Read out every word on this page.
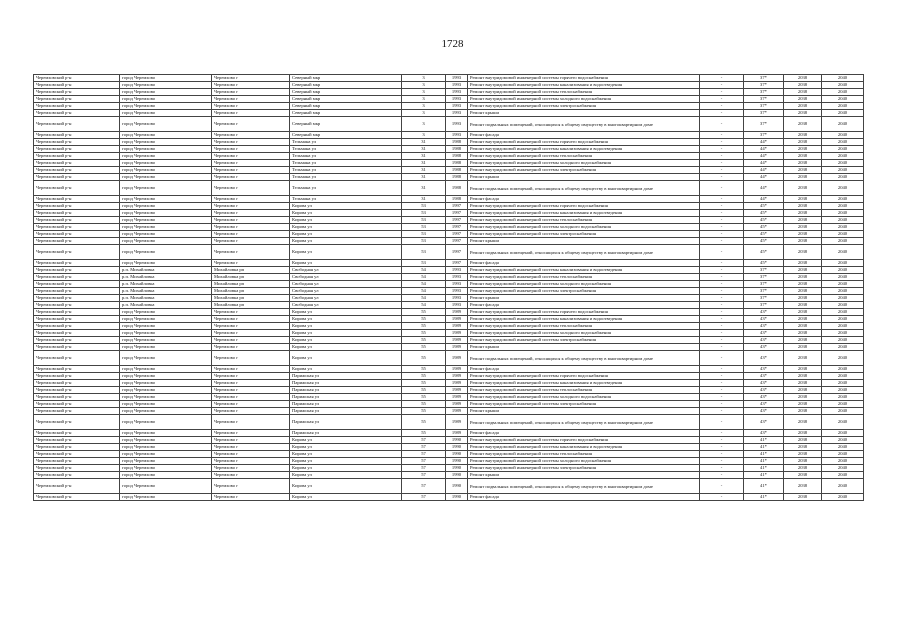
1728
Черемховский р-н	город Черемхово	Черемхово г	Северный мкр	3	1993	Ремонт внутридомовой инженерной системы горячего водоснабжения	-	37*	2038	2040
Черемховский р-н	город Черемхово	Черемхово г	Северный мкр	3	1993	Ремонт внутридомовой инженерной системы канализования и водоотведения	-	37*	2038	2040
Черемховский р-н	город Черемхово	Черемхово г	Северный мкр	3	1993	Ремонт внутридомовой инженерной системы теплоснабжения	-	37*	2038	2040
Черемховский р-н	город Черемхово	Черемхово г	Северный мкр	3	1993	Ремонт внутридомовой инженерной системы холодного водоснабжения	-	37*	2038	2040
Черемховский р-н	город Черемхово	Черемхово г	Северный мкр	3	1993	Ремонт внутридомовой инженерной системы электроснабжения	-	37*	2038	2040
Черемховский р-н	город Черемхово	Черемхово г	Северный мкр	3	1993	Ремонт крыши	-	37*	2038	2040
Черемховский р-н	город Черемхово	Черемхово г	Северный мкр	3	1993	Ремонт подвальных помещений, относящихся к общему имуществу в многоквартирном доме	-	37*	2038	2040
Черемховский р-н	город Черемхово	Черемхово г	Северный мкр	3	1993	Ремонт фасада	-	37*	2038	2040
Черемховский р-н	город Черемхово	Черемхово г	Тельмана ул	31	1988	Ремонт внутридомовой инженерной системы горячего водоснабжения	-	44*	2038	2040
Черемховский р-н	город Черемхово	Черемхово г	Тельмана ул	31	1988	Ремонт внутридомовой инженерной системы канализования и водоотведения	-	44*	2038	2040
Черемховский р-н	город Черемхово	Черемхово г	Тельмана ул	31	1988	Ремонт внутридомовой инженерной системы теплоснабжения	-	44*	2038	2040
Черемховский р-н	город Черемхово	Черемхово г	Тельмана ул	31	1988	Ремонт внутридомовой инженерной системы холодного водоснабжения	-	44*	2038	2040
Черемховский р-н	город Черемхово	Черемхово г	Тельмана ул	31	1988	Ремонт внутридомовой инженерной системы электроснабжения	-	44*	2038	2040
Черемховский р-н	город Черемхово	Черемхово г	Тельмана ул	31	1988	Ремонт крыши	-	44*	2038	2040
Черемховский р-н	город Черемхово	Черемхово г	Тельмана ул	31	1988	Ремонт подвальных помещений, относящихся к общему имуществу в многоквартирном доме	-	44*	2038	2040
Черемховский р-н	город Черемхово	Черемхово г	Тельмана ул	31	1988	Ремонт фасада	-	44*	2038	2040
Черемховский р-н	город Черемхово	Черемхово г	Кирова ул	53	1997	Ремонт внутридомовой инженерной системы горячего водоснабжения	-	45*	2038	2040
Черемховский р-н	город Черемхово	Черемхово г	Кирова ул	53	1997	Ремонт внутридомовой инженерной системы канализования и водоотведения	-	45*	2038	2040
Черемховский р-н	город Черемхово	Черемхово г	Кирова ул	53	1997	Ремонт внутридомовой инженерной системы теплоснабжения	-	45*	2038	2040
Черемховский р-н	город Черемхово	Черемхово г	Кирова ул	53	1997	Ремонт внутридомовой инженерной системы холодного водоснабжения	-	45*	2038	2040
Черемховский р-н	город Черемхово	Черемхово г	Кирова ул	53	1997	Ремонт внутридомовой инженерной системы электроснабжения	-	45*	2038	2040
Черемховский р-н	город Черемхово	Черемхово г	Кирова ул	53	1997	Ремонт крыши	-	45*	2038	2040
Черемховский р-н	город Черемхово	Черемхово г	Кирова ул	53	1997	Ремонт подвальных помещений, относящихся к общему имуществу в многоквартирном доме	-	45*	2038	2040
Черемховский р-н	город Черемхово	Черемхово г	Кирова ул	53	1997	Ремонт фасада	-	45*	2038	2040
Черемховский р-н	р.п. Михайловка	Михайловка рп	Свободная ул	54	1993	Ремонт внутридомовой инженерной системы канализования и водоотведения	-	37*	2038	2040
Черемховский р-н	р.п. Михайловка	Михайловка рп	Свободная ул	54	1993	Ремонт внутридомовой инженерной системы теплоснабжения	-	37*	2038	2040
Черемховский р-н	р.п. Михайловка	Михайловка рп	Свободная ул	54	1993	Ремонт внутридомовой инженерной системы холодного водоснабжения	-	37*	2038	2040
Черемховский р-н	р.п. Михайловка	Михайловка рп	Свободная ул	54	1993	Ремонт внутридомовой инженерной системы электроснабжения	-	37*	2038	2040
Черемховский р-н	р.п. Михайловка	Михайловка рп	Свободная ул	54	1993	Ремонт крыши	-	37*	2038	2040
Черемховский р-н	р.п. Михайловка	Михайловка рп	Свободная ул	54	1993	Ремонт фасада	-	37*	2038	2040
Черемховский р-н	город Черемхово	Черемхово г	Кирова ул	55	1989	Ремонт внутридомовой инженерной системы горячего водоснабжения	-	43*	2038	2040
Черемховский р-н	город Черемхово	Черемхово г	Кирова ул	55	1989	Ремонт внутридомовой инженерной системы канализования и водоотведения	-	43*	2038	2040
Черемховский р-н	город Черемхово	Черемхово г	Кирова ул	55	1989	Ремонт внутридомовой инженерной системы теплоснабжения	-	43*	2038	2040
Черемховский р-н	город Черемхово	Черемхово г	Кирова ул	55	1989	Ремонт внутридомовой инженерной системы холодного водоснабжения	-	43*	2038	2040
Черемховский р-н	город Черемхово	Черемхово г	Кирова ул	55	1989	Ремонт внутридомовой инженерной системы электроснабжения	-	43*	2038	2040
Черемховский р-н	город Черемхово	Черемхово г	Кирова ул	55	1989	Ремонт крыши	-	43*	2038	2040
Черемховский р-н	город Черемхово	Черемхово г	Кирова ул	55	1989	Ремонт подвальных помещений, относящихся к общему имуществу в многоквартирном доме	-	43*	2038	2040
Черемховский р-н	город Черемхово	Черемхово г	Кирова ул	55	1989	Ремонт фасада	-	43*	2038	2040
Черемховский р-н	город Черемхово	Черемхово г	Парижская ул	55	1989	Ремонт внутридомовой инженерной системы горячего водоснабжения	-	43*	2038	2040
Черемховский р-н	город Черемхово	Черемхово г	Парижская ул	55	1989	Ремонт внутридомовой инженерной системы канализования и водоотведения	-	43*	2038	2040
Черемховский р-н	город Черемхово	Черемхово г	Парижская ул	55	1989	Ремонт внутридомовой инженерной системы теплоснабжения	-	43*	2038	2040
Черемховский р-н	город Черемхово	Черемхово г	Парижская ул	55	1989	Ремонт внутридомовой инженерной системы холодного водоснабжения	-	43*	2038	2040
Черемховский р-н	город Черемхово	Черемхово г	Парижская ул	55	1989	Ремонт внутридомовой инженерной системы электроснабжения	-	43*	2038	2040
Черемховский р-н	город Черемхово	Черемхово г	Парижская ул	55	1989	Ремонт крыши	-	43*	2038	2040
Черемховский р-н	город Черемхово	Черемхово г	Парижская ул	55	1989	Ремонт подвальных помещений, относящихся к общему имуществу в многоквартирном доме	-	43*	2038	2040
Черемховский р-н	город Черемхово	Черемхово г	Парижская ул	55	1989	Ремонт фасада	-	43*	2038	2040
Черемховский р-н	город Черемхово	Черемхово г	Кирова ул	57	1990	Ремонт внутридомовой инженерной системы горячего водоснабжения	-	41*	2038	2040
Черемховский р-н	город Черемхово	Черемхово г	Кирова ул	57	1990	Ремонт внутридомовой инженерной системы канализования и водоотведения	-	41*	2038	2040
Черемховский р-н	город Черемхово	Черемхово г	Кирова ул	57	1990	Ремонт внутридомовой инженерной системы теплоснабжения	-	41*	2038	2040
Черемховский р-н	город Черемхово	Черемхово г	Кирова ул	57	1990	Ремонт внутридомовой инженерной системы холодного водоснабжения	-	41*	2038	2040
Черемховский р-н	город Черемхово	Черемхово г	Кирова ул	57	1990	Ремонт внутридомовой инженерной системы электроснабжения	-	41*	2038	2040
Черемховский р-н	город Черемхово	Черемхово г	Кирова ул	57	1990	Ремонт крыши	-	41*	2038	2040
Черемховский р-н	город Черемхово	Черемхово г	Кирова ул	57	1990	Ремонт подвальных помещений, относящихся к общему имуществу в многоквартирном доме	-	41*	2038	2040
Черемховский р-н	город Черемхово	Черемхово г	Кирова ул	57	1990	Ремонт фасада	-	41*	2038	2040
